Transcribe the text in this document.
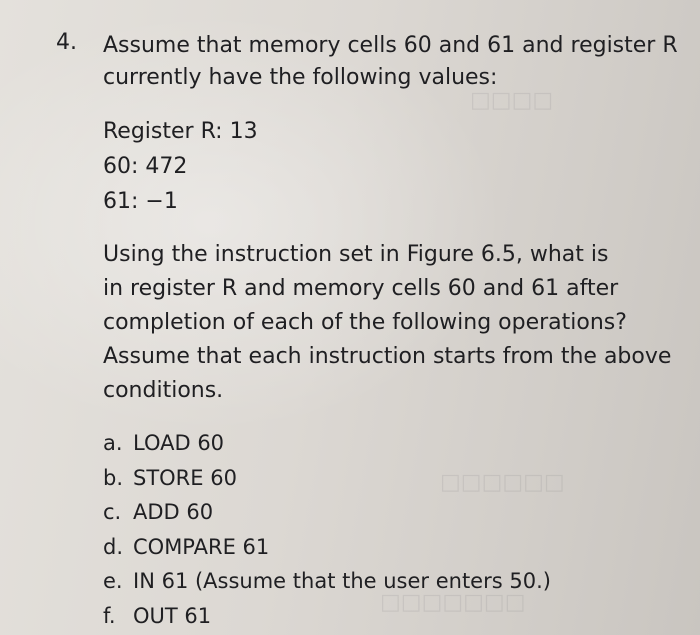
□□□□
□□□□□□
□□□□□□□
4. Assume that memory cells 60 and 61 and register R
currently have the following values:
Register R: 13
60: 472
61: −1
Using the instruction set in Figure 6.5, what is
in register R and memory cells 60 and 61 after
completion of each of the following operations?
Assume that each instruction starts from the above
conditions.
a. LOAD 60
b. STORE 60
c. ADD 60
d. COMPARE 61
e. IN 61 (Assume that the user enters 50.)
f. OUT 61
